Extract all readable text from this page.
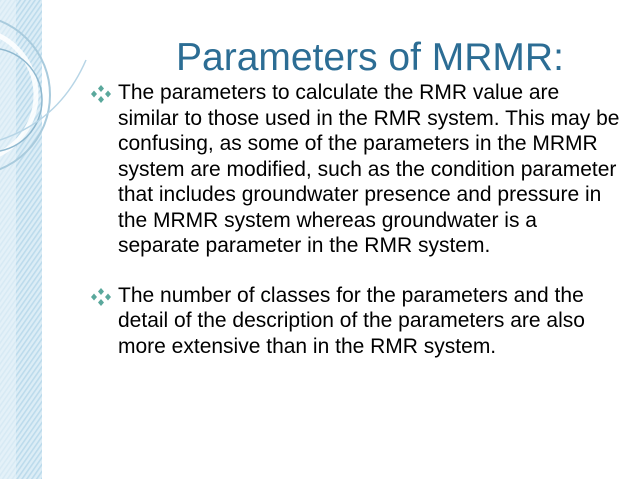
Parameters of MRMR:
The parameters to calculate the RMR value are similar to those used in the RMR system. This may be confusing, as some of the parameters in the MRMR system are modified, such as the condition parameter that includes groundwater presence and pressure in the MRMR system whereas groundwater is a separate parameter in the RMR system.
The number of classes for the parameters and the detail of the description of the parameters are also more extensive than in the RMR system.
